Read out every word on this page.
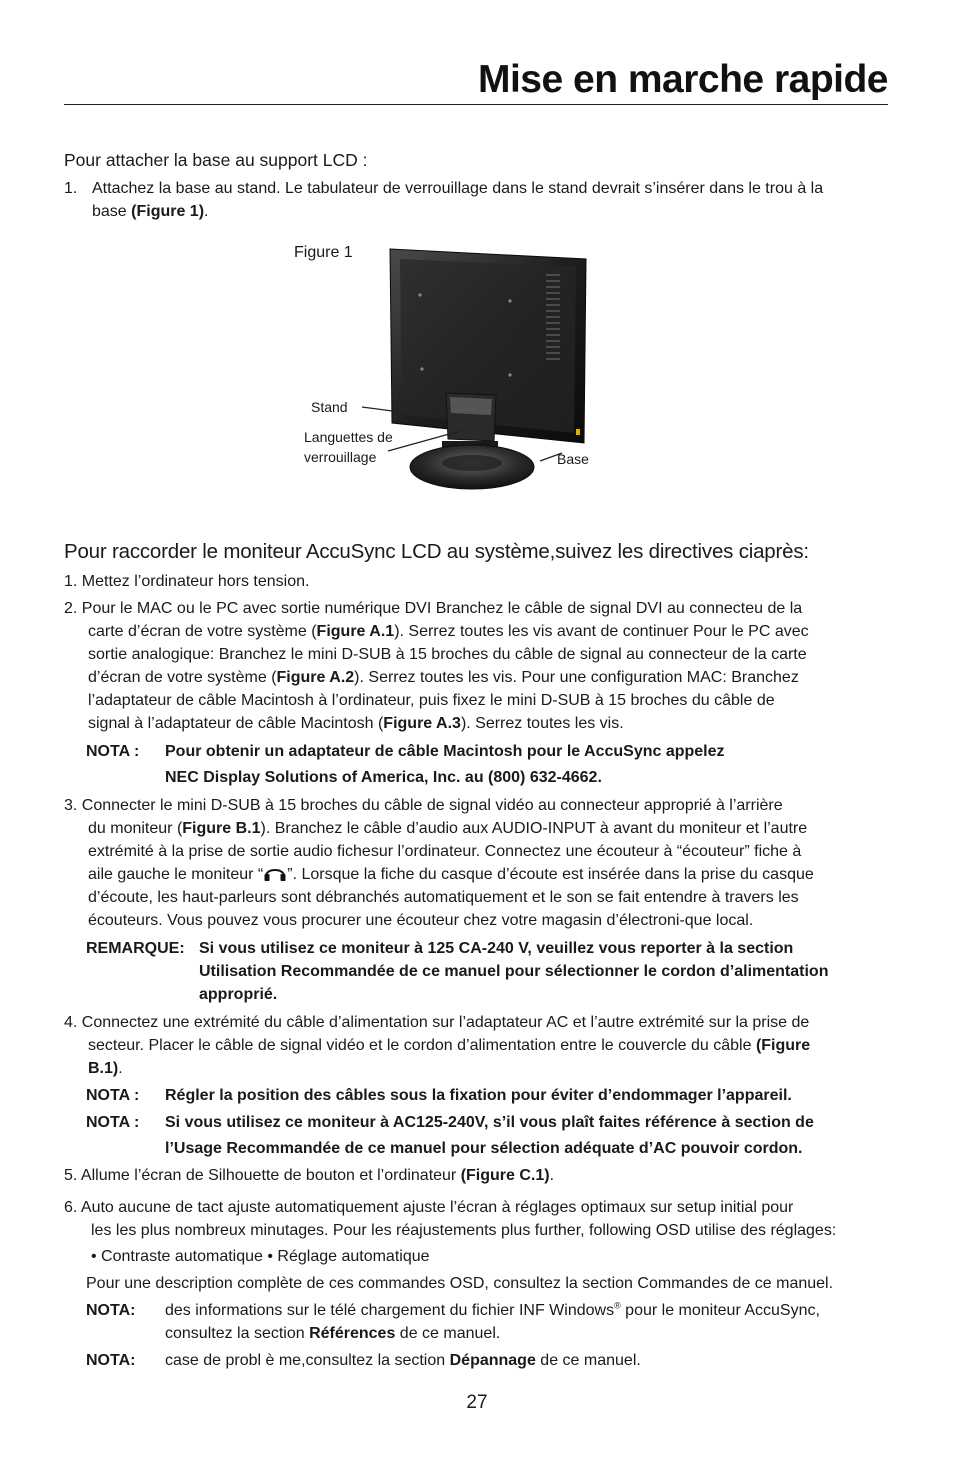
Mise en marche rapide
Pour attacher la base au support LCD :
1. Attachez la base au stand. Le tabulateur de verrouillage dans le stand devrait s’insérer dans le trou à la
base (Figure 1).
Figure 1
Stand
Languettes de
verrouillage	Base
Pour raccorder le moniteur AccuSync LCD au système,suivez les directives ciaprès:
1. Mettez l’ordinateur hors tension.
2. Pour le MAC ou le PC avec sortie numérique DVI Branchez le câble de signal DVI au connecteu de la
carte d’écran de votre système (Figure A.1). Serrez toutes les vis avant de continuer Pour le PC avec
sortie analogique: Branchez le mini D-SUB à 15 broches du câble de signal au connecteur de la carte
d’écran de votre système (Figure A.2). Serrez toutes les vis. Pour une configuration MAC: Branchez
l’adaptateur de câble Macintosh à l’ordinateur, puis fixez le mini D-SUB à 15 broches du câble de
signal à l’adaptateur de câble Macintosh (Figure A.3). Serrez toutes les vis.
NOTA : Pour obtenir un adaptateur de câble Macintosh pour le AccuSync appelez
NEC Display Solutions of America, Inc. au (800) 632-4662.
3. Connecter le mini D-SUB à 15 broches du câble de signal vidéo au connecteur approprié à l’arrière
du moniteur (Figure B.1). Branchez le câble d’audio aux AUDIO-INPUT à avant du moniteur et l’autre
extrémité à la prise de sortie audio fichesur l’ordinateur. Connectez une écouteur à “écouteur” fiche à
aile gauche le moniteur “ ”. Lorsque la fiche du casque d’écoute est insérée dans la prise du casque
d’écoute, les haut-parleurs sont débranchés automatiquement et le son se fait entendre à travers les
écouteurs. Vous pouvez vous procurer une écouteur chez votre magasin d’électroni-que local.
REMARQUE: Si vous utilisez ce moniteur à 125 CA-240 V, veuillez vous reporter à la section
Utilisation Recommandée de ce manuel pour sélectionner le cordon d’alimentation
approprié.
4. Connectez une extrémité du câble d’alimentation sur l’adaptateur AC et l’autre extrémité sur la prise de
secteur. Placer le câble de signal vidéo et le cordon d’alimentation entre le couvercle du câble (Figure
B.1).
NOTA : Régler la position des câbles sous la fixation pour éviter d’endommager l’appareil.
NOTA : Si vous utilisez ce moniteur à AC125-240V, s’il vous plaît faites référence à section de
l’Usage Recommandée de ce manuel pour sélection adéquate d’AC pouvoir cordon.
5. Allume l’écran de Silhouette de bouton et l’ordinateur (Figure C.1).
6. Auto aucune de tact ajuste automatiquement ajuste l’écran à réglages optimaux sur setup initial pour
les les plus nombreux minutages. Pour les réajustements plus further, following OSD utilise des réglages:
• Contraste automatique • Réglage automatique
Pour une description complète de ces commandes OSD, consultez la section Commandes de ce manuel.
NOTA: des informations sur le télé chargement du fichier INF Windows® pour le moniteur AccuSync,
consultez la section Références de ce manuel.
NOTA: case de probl è me,consultez la section Dépannage de ce manuel.
27
